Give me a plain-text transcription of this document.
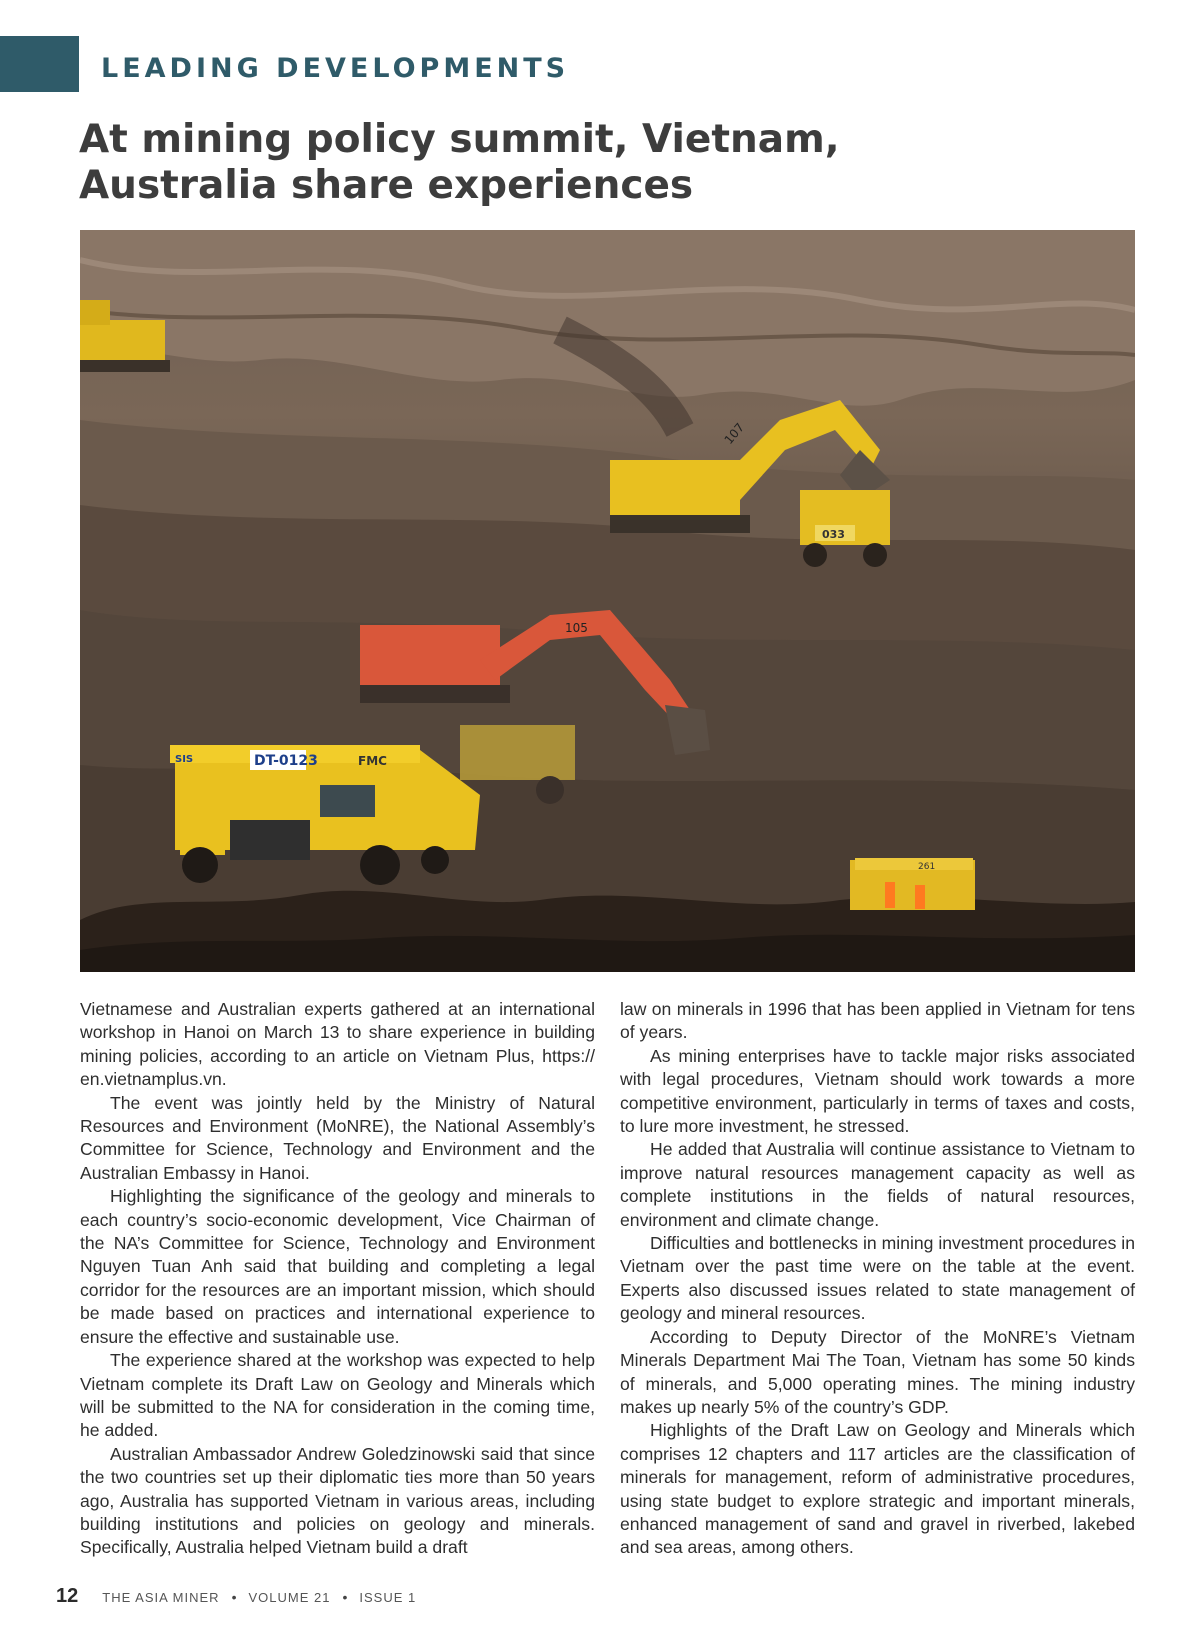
LEADING DEVELOPMENTS
At mining policy summit, Vietnam,
Australia share experiences
107
033
105
DT-0123	FMC
SIS
261

Vietnamese and Australian experts gathered at an international workshop in Hanoi on March 13 to share experience in building mining policies, according to an article on Vietnam Plus, https:// en.vietnamplus.vn.

The event was jointly held by the Ministry of Natural Resources and Environment (MoNRE), the National Assembly’s Committee for Science, Technology and Environment and the Australian Embassy in Hanoi.

Highlighting the significance of the geology and minerals to each country’s socio-economic development, Vice Chairman of the NA’s Committee for Science, Technology and Environment Nguyen Tuan Anh said that building and completing a legal corridor for the resources are an important mission, which should be made based on practices and international experience to ensure the effective and sustainable use.

The experience shared at the workshop was expected to help Vietnam complete its Draft Law on Geology and Minerals which will be submitted to the NA for consideration in the coming time, he added.

Australian Ambassador Andrew Goledzinowski said that since the two countries set up their diplomatic ties more than 50 years ago, Australia has supported Vietnam in various areas, including building institutions and policies on geology and minerals. Specifically, Australia helped Vietnam build a draft

law on minerals in 1996 that has been applied in Vietnam for tens of years.

As mining enterprises have to tackle major risks associated with legal procedures, Vietnam should work towards a more competitive environment, particularly in terms of taxes and costs, to lure more investment, he stressed.

He added that Australia will continue assistance to Vietnam to improve natural resources management capacity as well as complete institutions in the fields of natural resources, environment and climate change.

Difficulties and bottlenecks in mining investment procedures in Vietnam over the past time were on the table at the event. Experts also discussed issues related to state management of geology and mineral resources.

According to Deputy Director of the MoNRE’s Vietnam Minerals Department Mai The Toan, Vietnam has some 50 kinds of minerals, and 5,000 operating mines. The mining industry makes up nearly 5% of the country’s GDP.

Highlights of the Draft Law on Geology and Minerals which comprises 12 chapters and 117 articles are the classification of minerals for management, reform of administrative procedures, using state budget to explore strategic and important minerals, enhanced management of sand and gravel in riverbed, lakebed and sea areas, among others.

12 THE ASIA MINER • VOLUME 21 • ISSUE 1
